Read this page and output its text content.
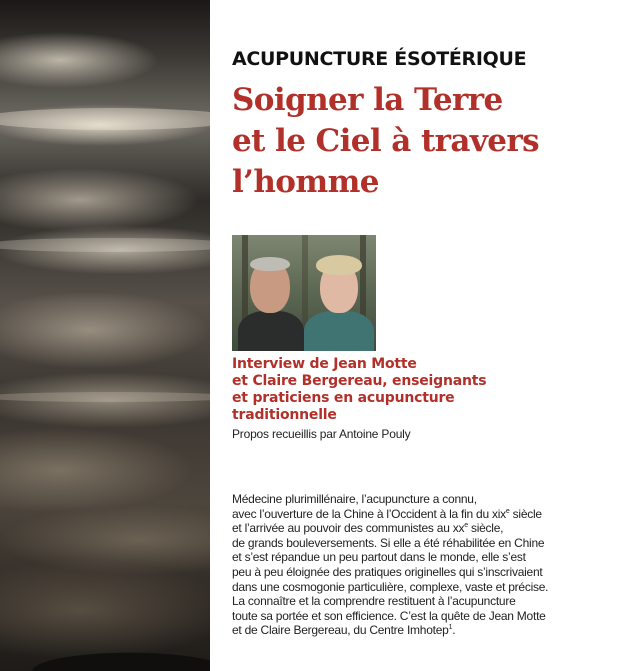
ACUPUNCTURE ÉSOTÉRIQUE
Soigner la Terre
et le Ciel à travers
l’homme
Interview de Jean Motte
et Claire Bergereau, enseignants
et praticiens en acupuncture
traditionnelle
Propos recueillis par Antoine Pouly
Médecine plurimillénaire, l’acupuncture a connu,
avec l’ouverture de la Chine à l’Occident à la fin du xix$^e$ siècle
et l’arrivée au pouvoir des communistes au $xx^e$ siècle,
de grands bouleversements. Si elle a été réhabilitée en Chine
et s’est répandue un peu partout dans le monde, elle s’est
peu à peu éloignée des pratiques originelles qui s’inscrivaient
dans une cosmogonie particulière, complexe, vaste et précise.
La connaître et la comprendre restituent à l’acupuncture
toute sa portée et son efficience. C’est la quête de Jean Motte
et de Claire Bergereau, du Centre Imhotep$^1$.
